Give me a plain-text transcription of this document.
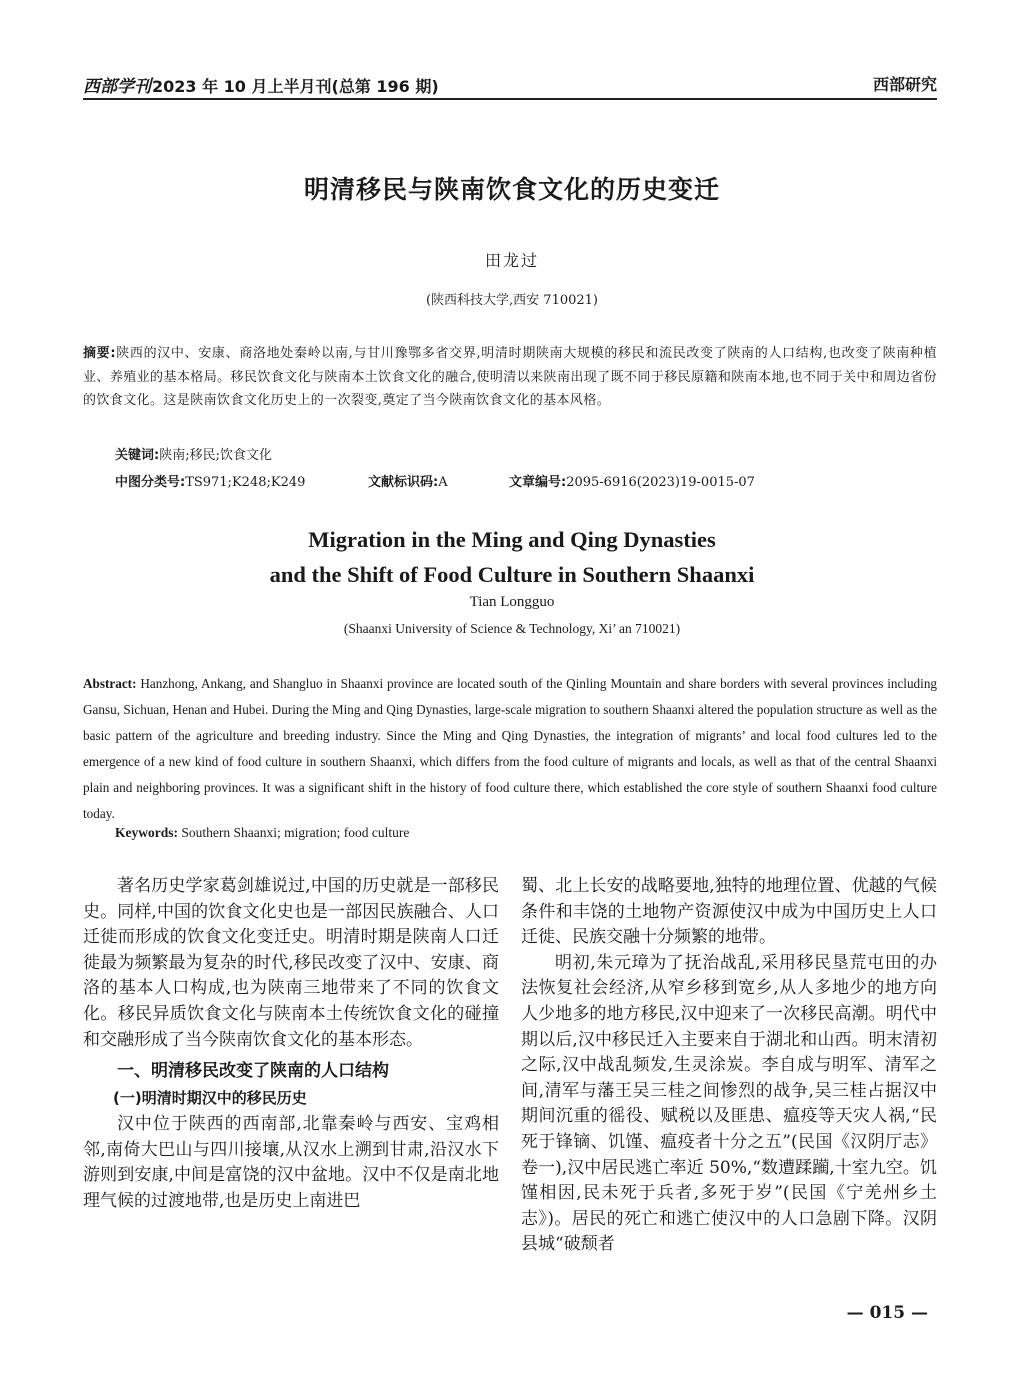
西部学刊2023 年 10 月上半月刊(总第 196 期)	西部研究
明清移民与陕南饮食文化的历史变迁
田龙过
(陕西科技大学,西安 710021)
摘要:陕西的汉中、安康、商洛地处秦岭以南,与甘川豫鄂多省交界,明清时期陕南大规模的移民和流民改变了陕南的人口结构,也改变了陕南种植业、养殖业的基本格局。移民饮食文化与陕南本土饮食文化的融合,使明清以来陕南出现了既不同于移民原籍和陕南本地,也不同于关中和周边省份的饮食文化。这是陕南饮食文化历史上的一次裂变,奠定了当今陕南饮食文化的基本风格。
关键词:陕南;移民;饮食文化
中图分类号:TS971;K248;K249	文献标识码:A	文章编号:2095-6916(2023)19-0015-07
Migration in the Ming and Qing Dynasties
and the Shift of Food Culture in Southern Shaanxi
Tian Longguo
(Shaanxi University of Science & Technology, Xi’ an 710021)
Abstract: Hanzhong, Ankang, and Shangluo in Shaanxi province are located south of the Qinling Mountain and share borders with several provinces including Gansu, Sichuan, Henan and Hubei. During the Ming and Qing Dynasties, large-scale migration to southern Shaanxi altered the population structure as well as the basic pattern of the agriculture and breeding industry. Since the Ming and Qing Dynasties, the integration of migrants’ and local food cultures led to the emergence of a new kind of food culture in southern Shaanxi, which differs from the food culture of migrants and locals, as well as that of the central Shaanxi plain and neighboring provinces. It was a significant shift in the history of food culture there, which established the core style of southern Shaanxi food culture today.
Keywords: Southern Shaanxi; migration; food culture

著名历史学家葛剑雄说过,中国的历史就是一部移民史。同样,中国的饮食文化史也是一部因民族融合、人口迁徙而形成的饮食文化变迁史。明清时期是陕南人口迁徙最为频繁最为复杂的时代,移民改变了汉中、安康、商洛的基本人口构成,也为陕南三地带来了不同的饮食文化。移民异质饮食文化与陕南本土传统饮食文化的碰撞和交融形成了当今陕南饮食文化的基本形态。

一、明清移民改变了陕南的人口结构
(一)明清时期汉中的移民历史

汉中位于陕西的西南部,北靠秦岭与西安、宝鸡相邻,南倚大巴山与四川接壤,从汉水上溯到甘肃,沿汉水下游则到安康,中间是富饶的汉中盆地。汉中不仅是南北地理气候的过渡地带,也是历史上南进巴

蜀、北上长安的战略要地,独特的地理位置、优越的气候条件和丰饶的土地物产资源使汉中成为中国历史上人口迁徙、民族交融十分频繁的地带。

明初,朱元璋为了抚治战乱,采用移民垦荒屯田的办法恢复社会经济,从窄乡移到宽乡,从人多地少的地方向人少地多的地方移民,汉中迎来了一次移民高潮。明代中期以后,汉中移民迁入主要来自于湖北和山西。明末清初之际,汉中战乱频发,生灵涂炭。李自成与明军、清军之间,清军与藩王吴三桂之间惨烈的战争,吴三桂占据汉中期间沉重的徭役、赋税以及匪患、瘟疫等天灾人祸,“民死于锋镝、饥馑、瘟疫者十分之五”(民国《汉阴厅志》卷一),汉中居民逃亡率近 50%,“数遭蹂躏,十室九空。饥馑相因,民未死于兵者,多死于岁”(民国《宁羌州乡土志》)。居民的死亡和逃亡使汉中的人口急剧下降。汉阴县城“破颓者

— 015 —
